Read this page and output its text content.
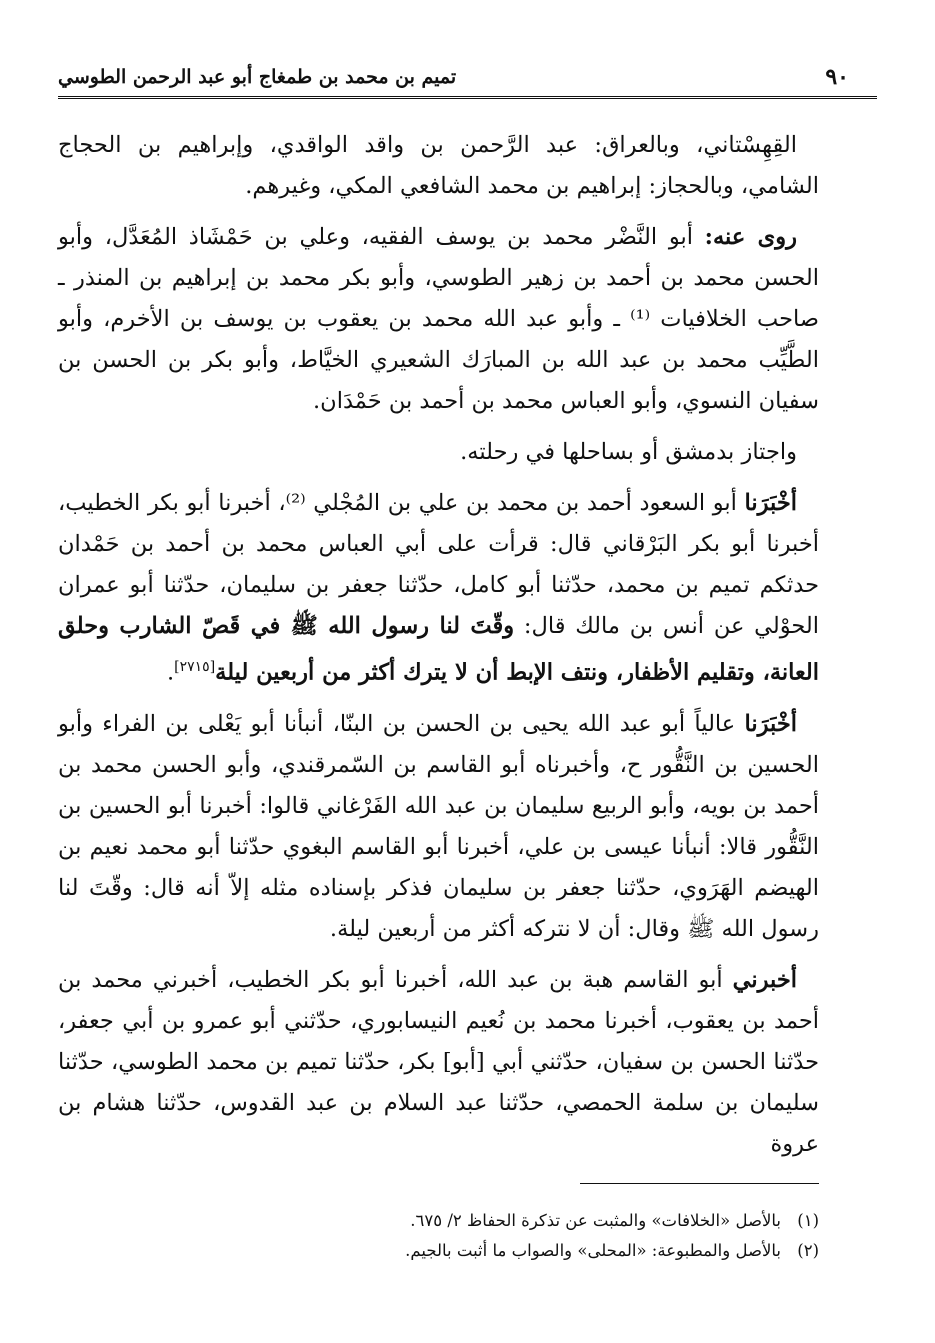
٩٠
تميم بن محمد بن طمغاج أبو عبد الرحمن الطوسي

القِهِسْتاني، وبالعراق: عبد الرَّحمن بن واقد الواقدي، وإبراهيم بن الحجاج الشامي، وبالحجاز: إبراهيم بن محمد الشافعي المكي، وغيرهم.

روى عنه: أبو النَّضْر محمد بن يوسف الفقيه، وعلي بن حَمْشَاذ المُعَدَّل، وأبو الحسن محمد بن أحمد بن زهير الطوسي، وأبو بكر محمد بن إبراهيم بن المنذر ـ صاحب الخلافيات ⁽¹⁾ ـ وأبو عبد الله محمد بن يعقوب بن يوسف بن الأخرم، وأبو الطَّيِّب محمد بن عبد الله بن المبارَك الشعيري الخيَّاط، وأبو بكر بن الحسن بن سفيان النسوي، وأبو العباس محمد بن أحمد بن حَمْدَان.

واجتاز بدمشق أو بساحلها في رحلته.

أخْبَرَنا أبو السعود أحمد بن محمد بن علي بن المُجْلي ⁽²⁾، أخبرنا أبو بكر الخطيب، أخبرنا أبو بكر البَرْقاني قال: قرأت على أبي العباس محمد بن أحمد بن حَمْدان حدثكم تميم بن محمد، حدّثنا أبو كامل، حدّثنا جعفر بن سليمان، حدّثنا أبو عمران الحوْلي عن أنس بن مالك قال: وقّتَ لنا رسول الله ﷺ في قَصّ الشارب وحلق العانة، وتقليم الأظفار، ونتف الإبط أن لا يترك أكثر من أربعين ليلة[٢٧١٥].

أخْبَرَنا عالياً أبو عبد الله يحيى بن الحسن بن البنّا، أنبأنا أبو يَعْلى بن الفراء وأبو الحسين بن النَّقُّور ح، وأخبرناه أبو القاسم بن السّمرقندي، وأبو الحسن محمد بن أحمد بن بويه، وأبو الربيع سليمان بن عبد الله الفَرْغاني قالوا: أخبرنا أبو الحسين بن النَّقُّور قالا: أنبأنا عيسى بن علي، أخبرنا أبو القاسم البغوي حدّثنا أبو محمد نعيم بن الهيضم الهَرَوي، حدّثنا جعفر بن سليمان فذكر بإسناده مثله إلاّ أنه قال: وقّتَ لنا رسول الله ﷺ وقال: أن لا نتركه أكثر من أربعين ليلة.

أخبرني أبو القاسم هبة بن عبد الله، أخبرنا أبو بكر الخطيب، أخبرني محمد بن أحمد بن يعقوب، أخبرنا محمد بن نُعيم النيسابوري، حدّثني أبو عمرو بن أبي جعفر، حدّثنا الحسن بن سفيان، حدّثني أبي [أبو] بكر، حدّثنا تميم بن محمد الطوسي، حدّثنا سليمان بن سلمة الحمصي، حدّثنا عبد السلام بن عبد القدوس، حدّثنا هشام بن عروة

(١)بالأصل «الخلافات» والمثبت عن تذكرة الحفاظ ٢/ ٦٧٥.

(٢)بالأصل والمطبوعة: «المحلى» والصواب ما أثبت بالجيم.
